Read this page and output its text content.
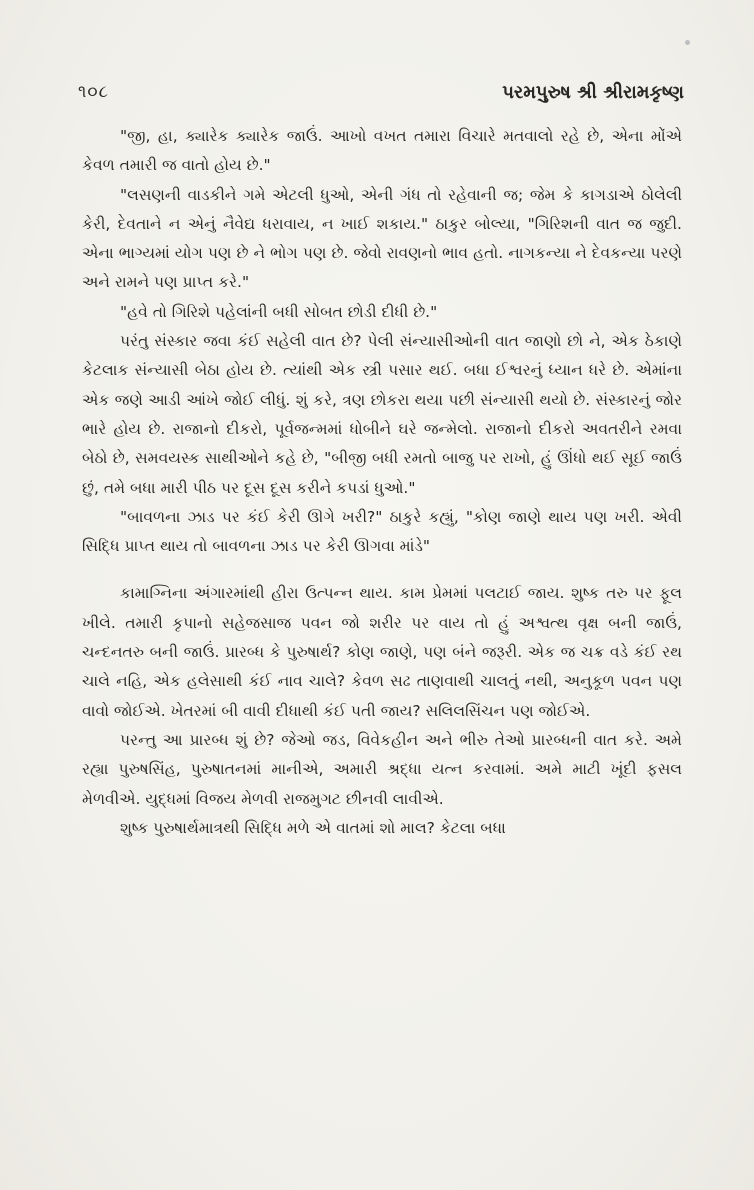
૧૦૮	પરમપુરુષ શ્રી શ્રીરામકૃષ્ણ

"જી, હા, ક્યારેક ક્યારેક જાઉં. આખો વખત તમારા વિચારે મતવાલો રહે છે, એના મોંએ કેવળ તમારી જ વાતો હોય છે."

"લસણની વાડકીને ગમે એટલી ધુઓ, એની ગંધ તો રહેવાની જ; જેમ કે કાગડાએ ઠોલેલી કેરી, દેવતાને ન એનું નૈવેદ્ય ધરાવાય, ન ખાઈ શકાય." ઠાકુર બોલ્યા, "ગિરિશની વાત જ જુદી. એના ભાગ્યમાં યોગ પણ છે ને ભોગ પણ છે. જેવો રાવણનો ભાવ હતો. નાગકન્યા ને દેવકન્યા પરણે અને રામને પણ પ્રાપ્ત કરે."

"હવે તો ગિરિશે પહેલાંની બધી સોબત છોડી દીધી છે."

પરંતુ સંસ્કાર જવા કંઈ સહેલી વાત છે? પેલી સંન્યાસીઓની વાત જાણો છો ને, એક ઠેકાણે કેટલાક સંન્યાસી બેઠા હોય છે. ત્યાંથી એક સ્ત્રી પસાર થઈ. બધા ઈશ્વરનું ધ્યાન ધરે છે. એમાંના એક જણે આડી આંખે જોઈ લીધું. શું કરે, ત્રણ છોકરા થયા પછી સંન્યાસી થયો છે. સંસ્કારનું જોર ભારે હોય છે. રાજાનો દીકરો, પૂર્વજન્મમાં ધોબીને ઘરે જન્મેલો. રાજાનો દીકરો અવતરીને રમવા બેઠો છે, સમવયસ્ક સાથીઓને કહે છે, "બીજી બધી રમતો બાજુ પર રાખો, હું ઊંધો થઈ સૂઈ જાઉં છું, તમે બધા મારી પીઠ પર દૂસ દૂસ કરીને કપડાં ધુઓ."

"બાવળના ઝાડ પર કંઈ કેરી ઊગે ખરી?" ઠાકુરે કહ્યું, "કોણ જાણે થાય પણ ખરી. એવી સિદ્ધિ પ્રાપ્ત થાય તો બાવળના ઝાડ પર કેરી ઊગવા માંડે"

કામાગ્નિના અંગારમાંથી હીરા ઉત્પન્ન થાય. કામ પ્રેમમાં પલટાઈ જાય. શુષ્ક તરુ પર ફૂલ ખીલે. તમારી કૃપાનો સહેજસાજ પવન જો શરીર પર વાય તો હું અશ્વત્થ વૃક્ષ બની જાઉં, ચન્દનતરુ બની જાઉં. પ્રારબ્ધ કે પુરુષાર્થ? કોણ જાણે, પણ બંને જરૂરી. એક જ ચક્ર વડે કંઈ રથ ચાલે નહિ, એક હલેસાથી કંઈ નાવ ચાલે? કેવળ સઢ તાણવાથી ચાલતું નથી, અનુકૂળ પવન પણ વાવો જોઈએ. ખેતરમાં બી વાવી દીધાથી કંઈ પતી જાય? સલિલસિંચન પણ જોઈએ.

પરન્તુ આ પ્રારબ્ધ શું છે? જેઓ જડ, વિવેકહીન અને ભીરુ તેઓ પ્રારબ્ધની વાત કરે. અમે રહ્યા પુરુષસિંહ, પુરુષાતનમાં માનીએ, અમારી શ્રદ્ધા યત્ન કરવામાં. અમે માટી ખૂંદી ફસલ મેળવીએ. યુદ્ધમાં વિજય મેળવી રાજમુગટ છીનવી લાવીએ.

શુષ્ક પુરુષાર્થમાત્રથી સિદ્ધિ મળે એ વાતમાં શો માલ? કેટલા બધા
